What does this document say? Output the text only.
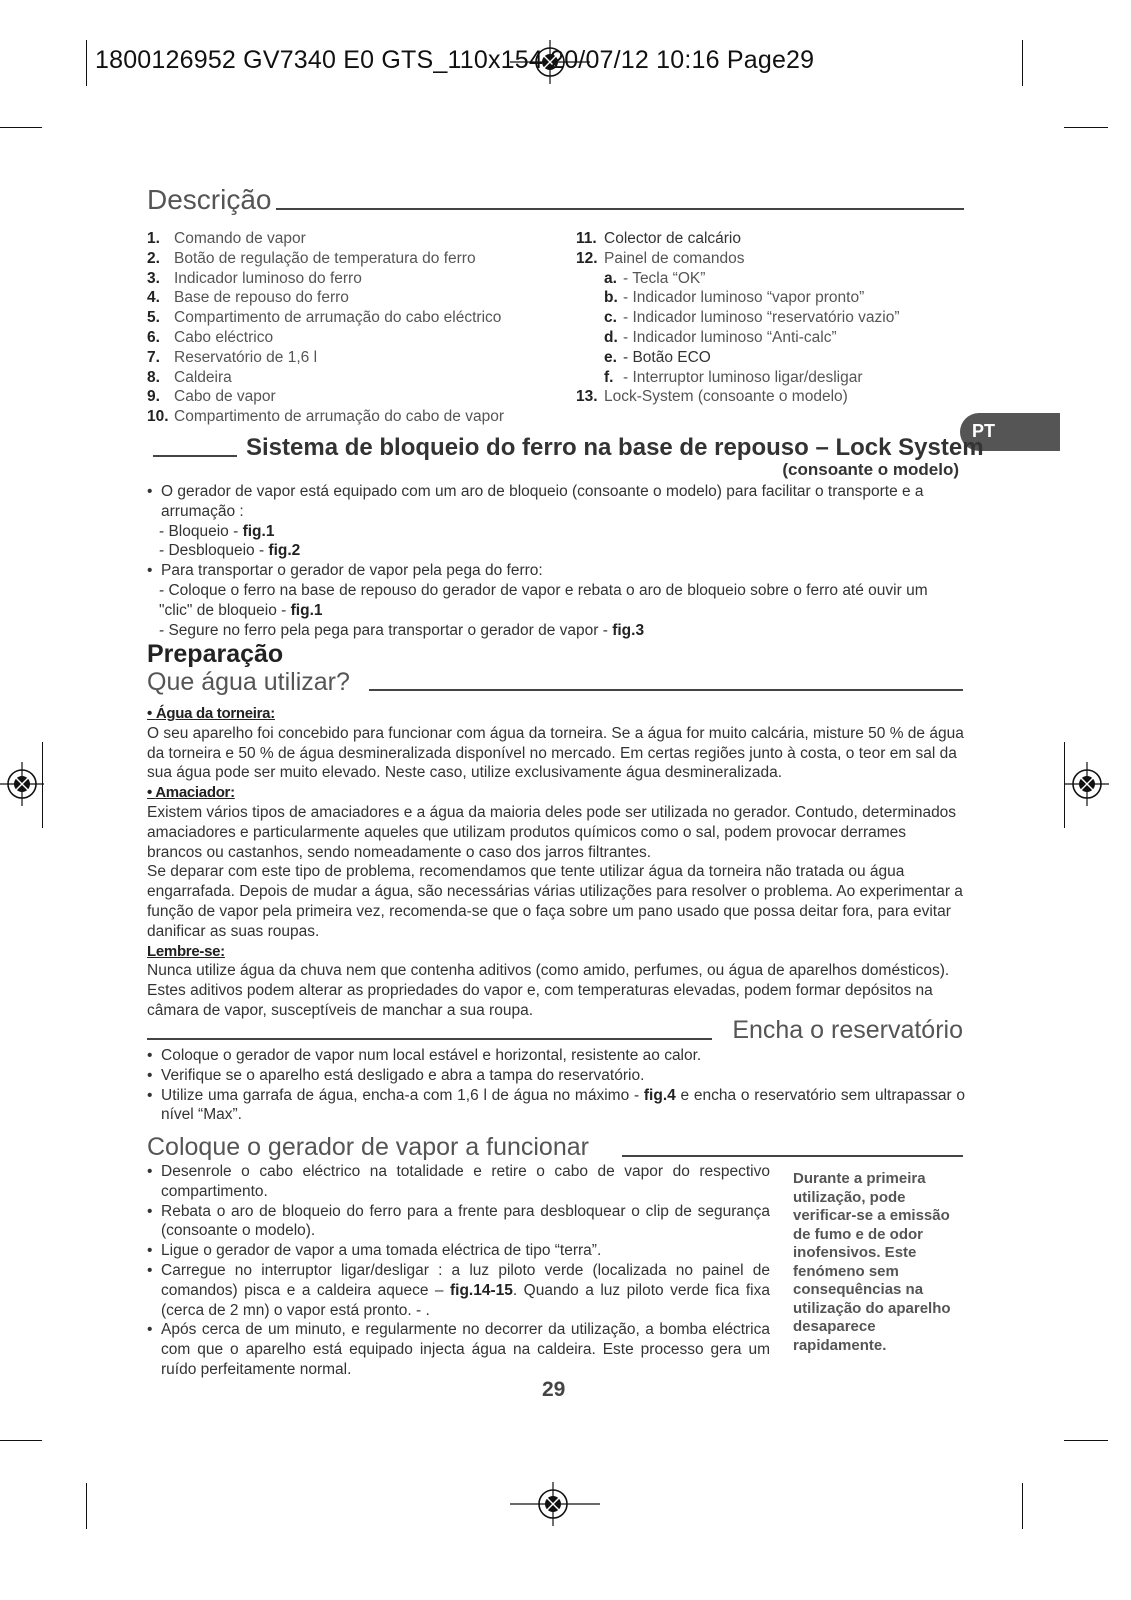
1800126952 GV7340 E0 GTS_110x154 20/07/12 10:16 Page29
Descrição
1. Comando de vapor
2. Botão de regulação de temperatura do ferro
3. Indicador luminoso do ferro
4. Base de repouso do ferro
5. Compartimento de arrumação do cabo eléctrico
6. Cabo eléctrico
7. Reservatório de 1,6 l
8. Caldeira
9. Cabo de vapor
10. Compartimento de arrumação do cabo de vapor
11. Colector de calcário
12. Painel de comandos
a. - Tecla “OK”
b. - Indicador luminoso “vapor pronto”
c. - Indicador luminoso “reservatório vazio”
d. - Indicador luminoso “Anti-calc”
e. - Botão ECO
f. - Interruptor luminoso ligar/desligar
13. Lock-System (consoante o modelo)
PT
Sistema de bloqueio do ferro na base de repouso – Lock System
(consoante o modelo)
• O gerador de vapor está equipado com um aro de bloqueio (consoante o modelo) para facilitar o transporte e a arrumação :
- Bloqueio - fig.1
- Desbloqueio - fig.2
• Para transportar o gerador de vapor pela pega do ferro:
- Coloque o ferro na base de repouso do gerador de vapor e rebata o aro de bloqueio sobre o ferro até ouvir um "clic" de bloqueio - fig.1
- Segure no ferro pela pega para transportar o gerador de vapor - fig.3
Preparação
Que água utilizar?
• Água da torneira:
O seu aparelho foi concebido para funcionar com água da torneira. Se a água for muito calcária, misture 50 % de água da torneira e 50 % de água desmineralizada disponível no mercado. Em certas regiões junto à costa, o teor em sal da sua água pode ser muito elevado. Neste caso, utilize exclusivamente água desmineralizada.
• Amaciador:
Existem vários tipos de amaciadores e a água da maioria deles pode ser utilizada no gerador. Contudo, determinados amaciadores e particularmente aqueles que utilizam produtos químicos como o sal, podem provocar derrames brancos ou castanhos, sendo nomeadamente o caso dos jarros filtrantes.
Se deparar com este tipo de problema, recomendamos que tente utilizar água da torneira não tratada ou água engarrafada. Depois de mudar a água, são necessárias várias utilizações para resolver o problema. Ao experimentar a função de vapor pela primeira vez, recomenda-se que o faça sobre um pano usado que possa deitar fora, para evitar danificar as suas roupas.
Lembre-se:
Nunca utilize água da chuva nem que contenha aditivos (como amido, perfumes, ou água de aparelhos domésticos). Estes aditivos podem alterar as propriedades do vapor e, com temperaturas elevadas, podem formar depósitos na câmara de vapor, susceptíveis de manchar a sua roupa.
Encha o reservatório
• Coloque o gerador de vapor num local estável e horizontal, resistente ao calor.
• Verifique se o aparelho está desligado e abra a tampa do reservatório.
• Utilize uma garrafa de água, encha-a com 1,6 l de água no máximo - fig.4 e encha o reservatório sem ultrapassar o nível “Max”.
Coloque o gerador de vapor a funcionar
• Desenrole o cabo eléctrico na totalidade e retire o cabo de vapor do respectivo compartimento.
• Rebata o aro de bloqueio do ferro para a frente para desbloquear o clip de segurança (consoante o modelo).
• Ligue o gerador de vapor a uma tomada eléctrica de tipo “terra”.
• Carregue no interruptor ligar/desligar : a luz piloto verde (localizada no painel de comandos) pisca e a caldeira aquece – fig.14-15. Quando a luz piloto verde fica fixa (cerca de 2 mn) o vapor está pronto. - .
• Após cerca de um minuto, e regularmente no decorrer da utilização, a bomba eléctrica com que o aparelho está equipado injecta água na caldeira. Este processo gera um ruído perfeitamente normal.
Durante a primeira utilização, pode verificar-se a emissão de fumo e de odor inofensivos. Este fenómeno sem consequências na utilização do aparelho desaparece rapidamente.
29
